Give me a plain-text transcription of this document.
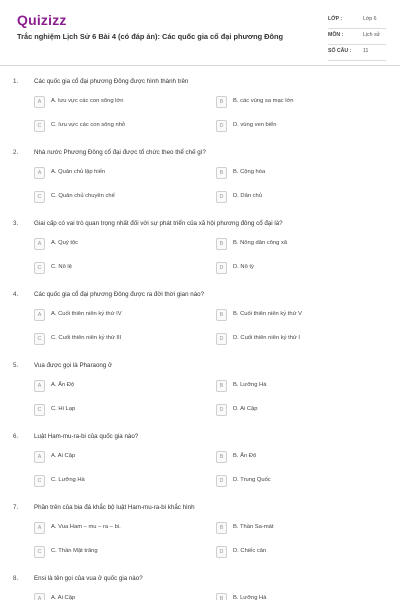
Quizizz
Trắc nghiệm Lịch Sử 6 Bài 4 (có đáp án): Các quốc gia cổ đại phương Đông
LỚP :	Lớp 6
MÔN :	Lịch sử
SỐ CÂU : 11
1.	Các quốc gia cổ đại phương Đông được hình thành trên
A	A. lưu vực các con sông lớn	B	B. các vùng sa mạc lớn
C	C. lưu vực các con sông nhỏ	D	D. vùng ven biển
2.	Nhà nước Phương Đông cổ đại được tổ chức theo thể chế gì?
A	A. Quân chủ lập hiến	B	B. Cộng hòa
C	C. Quân chủ chuyên chế	D	D. Dân chủ
3.	Giai cấp có vai trò quan trọng nhất đối với sự phát triển của xã hội phương đông cổ đại là?
A	A. Quý tộc	B	B. Nông dân công xã
C	C. Nô lệ	D	D. Nô tỳ
4.	Các quốc gia cổ đại phương Đông được ra đời thời gian nào?
A	A. Cuối thiên niên kỷ thứ IV	B	B. Cuối thiên niên kỷ thứ V
C	C. Cuối thiên niên kỷ thứ III	D	D. Cuối thiên niên kỷ thứ I
5.	Vua được gọi là Pharaong ở
A	A. Ấn Độ	B	B. Lưỡng Hà
C	C. Hi Lạp	D	D. Ai Cập
6.	Luật Ham-mu-ra-bi của quốc gia nào?
A	A. Ai Cập	B	B. Ấn Độ
C	C. Lưỡng Hà	D	D. Trung Quốc
7.	Phần trên của bia đá khắc bộ luật Ham-mu-ra-bi khắc hình
A	A. Vua Ham – mu – ra – bi.	B	B. Thần Sa-mát
C	C. Thần Mặt trăng	D	D. Chiếc cân
8.	Ensi là tên gọi của vua ở quốc gia nào?
A	A. Ai Cập	B	B. Lưỡng Hà
